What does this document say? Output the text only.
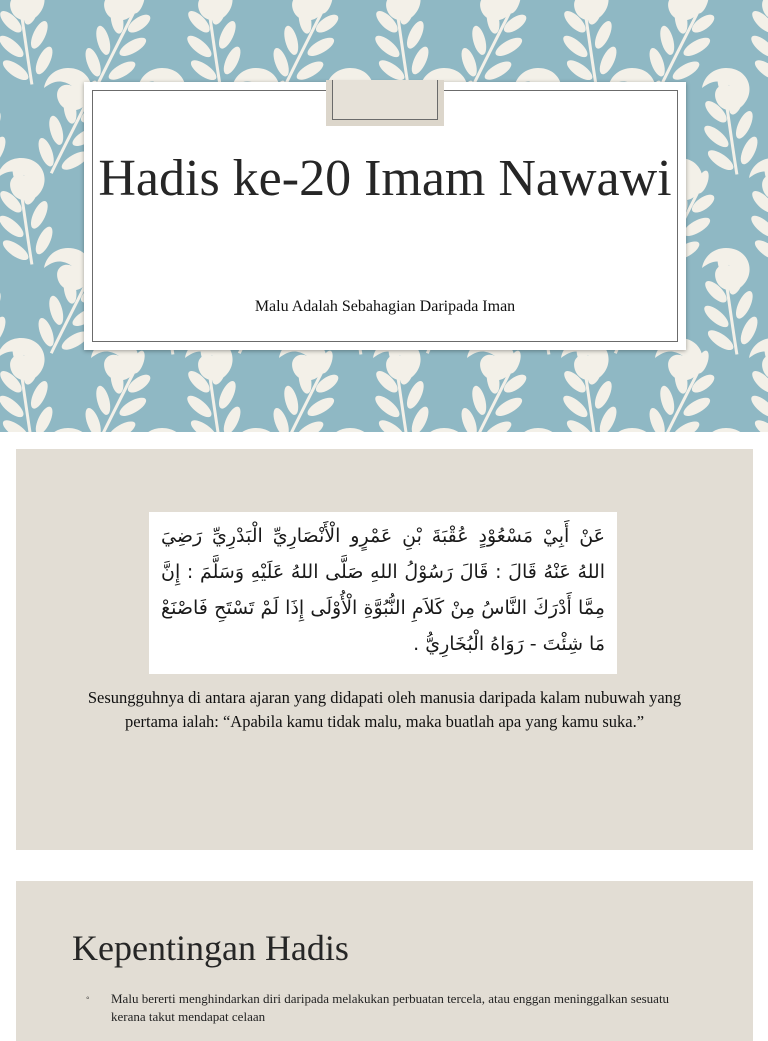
Hadis ke-20 Imam Nawawi
Malu Adalah Sebahagian Daripada Iman
عَنْ أَبِيْ مَسْعُوْدٍ عُقْبَةَ بْنِ عَمْرٍو الْأَنْصَارِيِّ الْبَدْرِيِّ رَضِيَ اللهُ عَنْهُ قَالَ : قَالَ رَسُوْلُ اللهِ صَلَّى اللهُ عَلَيْهِ وَسَلَّمَ : إِنَّ مِمَّا أَدْرَكَ النَّاسُ مِنْ كَلاَمِ النُّبُوَّةِ الْأُوْلَى إِذَا لَمْ تَسْتَحِ فَاصْنَعْ مَا شِئْتَ - رَوَاهُ الْبُخَارِيُّ .
Sesungguhnya di antara ajaran yang didapati oleh manusia daripada kalam nubuwah yang pertama ialah: “Apabila kamu tidak malu, maka buatlah apa yang kamu suka.”
Kepentingan Hadis
◦ Malu bererti menghindarkan diri daripada melakukan perbuatan tercela, atau enggan meninggalkan sesuatu kerana takut mendapat celaan
